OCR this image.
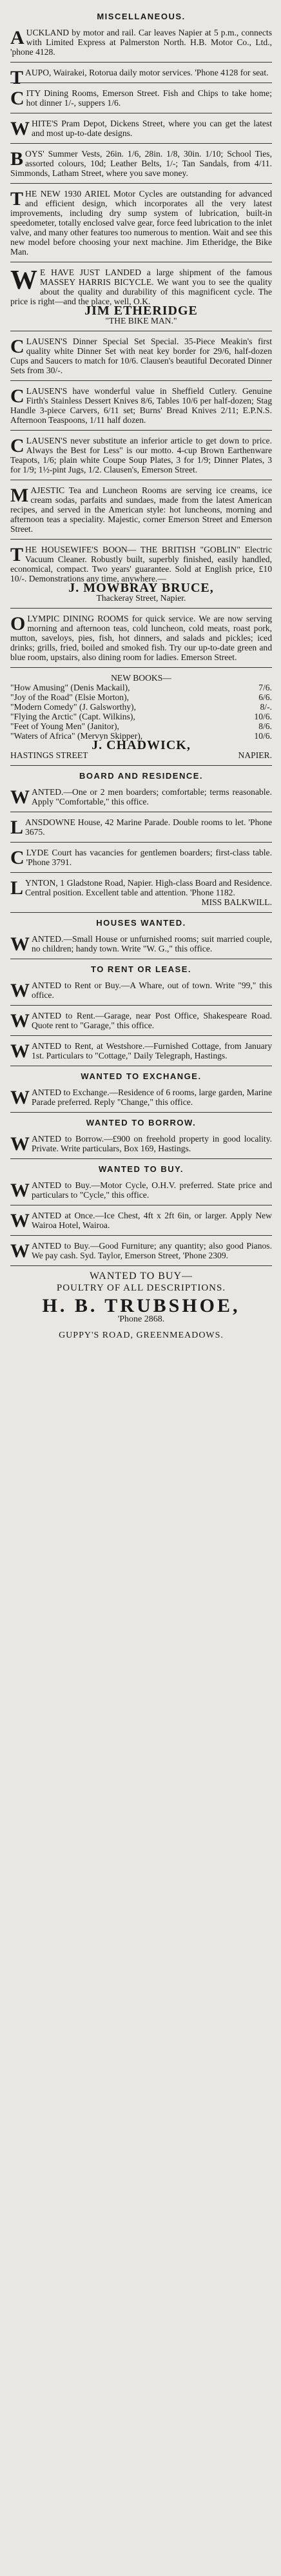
MISCELLANEOUS.
A UCKLAND by motor and rail. Car leaves Napier at 5 p.m., connects with Limited Express at Palmerston North. H.B. Motor Co., Ltd., 'phone 4128.

T AUPO, Wairakei, Rotorua daily motor services. 'Phone 4128 for seat.

C ITY Dining Rooms, Emerson Street. Fish and Chips to take home; hot dinner 1/-, suppers 1/6.

W HITE'S Pram Depot, Dickens Street, where you can get the latest and most up-to-date designs.

B OYS' Summer Vests, 26in. 1/6, 28in. 1/8, 30in. 1/10; School Ties, assorted colours, 10d; Leather Belts, 1/-; Tan Sandals, from 4/11. Simmonds, Latham Street, where you save money.

T HE NEW 1930 ARIEL Motor Cycles are outstanding for advanced and efficient design, which incorporates all the very latest improvements, including dry sump system of lubrication, built-in speedometer, totally enclosed valve gear, force feed lubrication to the inlet valve, and many other features too numerous to mention. Wait and see this new model before choosing your next machine. Jim Etheridge, the Bike Man.

W E HAVE JUST LANDED a large shipment of the famous MASSEY HARRIS BICYCLE. We want you to see the quality about the quality and durability of this magnificent cycle. The price is right—and the place, well, O.K.

JIM ETHERIDGE
"THE BIKE MAN."
C LAUSEN'S Dinner Special Set Special. 35-Piece Meakin's first quality white Dinner Set with neat key border for 29/6, half-dozen Cups and Saucers to match for 10/6. Clausen's beautiful Decorated Dinner Sets from 30/-.

C LAUSEN'S have wonderful value in Sheffield Cutlery. Genuine Firth's Stainless Dessert Knives 8/6, Tables 10/6 per half-dozen; Stag Handle 3-piece Carvers, 6/11 set; Burns' Bread Knives 2/11; E.P.N.S. Afternoon Teaspoons, 1/11 half dozen.

C LAUSEN'S never substitute an inferior article to get down to price. Always the Best for Less" is our motto. 4-cup Brown Earthenware Teapots, 1/6; plain white Coupe Soup Plates, 3 for 1/9; Dinner Plates, 3 for 1/9; 1½-pint Jugs, 1/2. Clausen's, Emerson Street.

M AJESTIC Tea and Luncheon Rooms are serving ice creams, ice cream sodas, parfaits and sundaes, made from the latest American recipes, and served in the American style: hot luncheons, morning and afternoon teas a speciality. Majestic, corner Emerson Street and Emerson Street.

T HE HOUSEWIFE'S BOON— THE BRITISH "GOBLIN" Electric Vacuum Cleaner. Robustly built, superbly finished, easily handled, economical, compact. Two years' guarantee. Sold at English price, £10 10/-. Demonstrations any time, anywhere.—

J. MOWBRAY BRUCE,
Thackeray Street, Napier.
O LYMPIC DINING ROOMS for quick service. We are now serving morning and afternoon teas, cold luncheon, cold meats, roast pork, mutton, saveloys, pies, fish, hot dinners, and salads and pickles; iced drinks; grills, fried, boiled and smoked fish. Try our up-to-date green and blue room, upstairs, also dining room for ladies. Emerson Street.

NEW BOOKS—
"How Amusing" (Denis Mackail),	7/6.
"Joy of the Road" (Elsie Morton),	6/6.
"Modern Comedy" (J. Galsworthy),	8/-.
"Flying the Arctic" (Capt. Wilkins),	10/6.
"Feet of Young Men" (Janitor),	8/6.
"Waters of Africa" (Mervyn Skipper),	10/6.
J. CHADWICK,
HASTINGS STREET	NAPIER.
BOARD AND RESIDENCE.
W ANTED.—One or 2 men boarders; comfortable; terms reasonable. Apply "Comfortable," this office.

L ANSDOWNE House, 42 Marine Parade. Double rooms to let. 'Phone 3675.

C LYDE Court has vacancies for gentlemen boarders; first-class table. 'Phone 3791.

L YNTON, 1 Gladstone Road, Napier. High-class Board and Residence. Central position. Excellent table and attention. 'Phone 1182.

MISS BALKWILL.
HOUSES WANTED.
W ANTED.—Small House or unfurnished rooms; suit married couple, no children; handy town. Write "W. G.," this office.

TO RENT OR LEASE.
W ANTED to Rent or Buy.—A Whare, out of town. Write "99," this office.

W ANTED to Rent.—Garage, near Post Office, Shakespeare Road. Quote rent to "Garage," this office.

W ANTED to Rent, at Westshore.—Furnished Cottage, from January 1st. Particulars to "Cottage," Daily Telegraph, Hastings.

WANTED TO EXCHANGE.
W ANTED to Exchange.—Residence of 6 rooms, large garden, Marine Parade preferred. Reply "Change," this office.

WANTED TO BORROW.
W ANTED to Borrow.—£900 on freehold property in good locality. Private. Write particulars, Box 169, Hastings.

WANTED TO BUY.
W ANTED to Buy.—Motor Cycle, O.H.V. preferred. State price and particulars to "Cycle," this office.

W ANTED at Once.—Ice Chest, 4ft x 2ft 6in, or larger. Apply New Wairoa Hotel, Wairoa.

W ANTED to Buy.—Good Furniture; any quantity; also good Pianos. We pay cash. Syd. Taylor, Emerson Street, 'Phone 2309.

WANTED TO BUY—
POULTRY OF ALL DESCRIPTIONS.
H. B. TRUBSHOE,
'Phone 2868.
GUPPY'S ROAD, GREENMEADOWS.
